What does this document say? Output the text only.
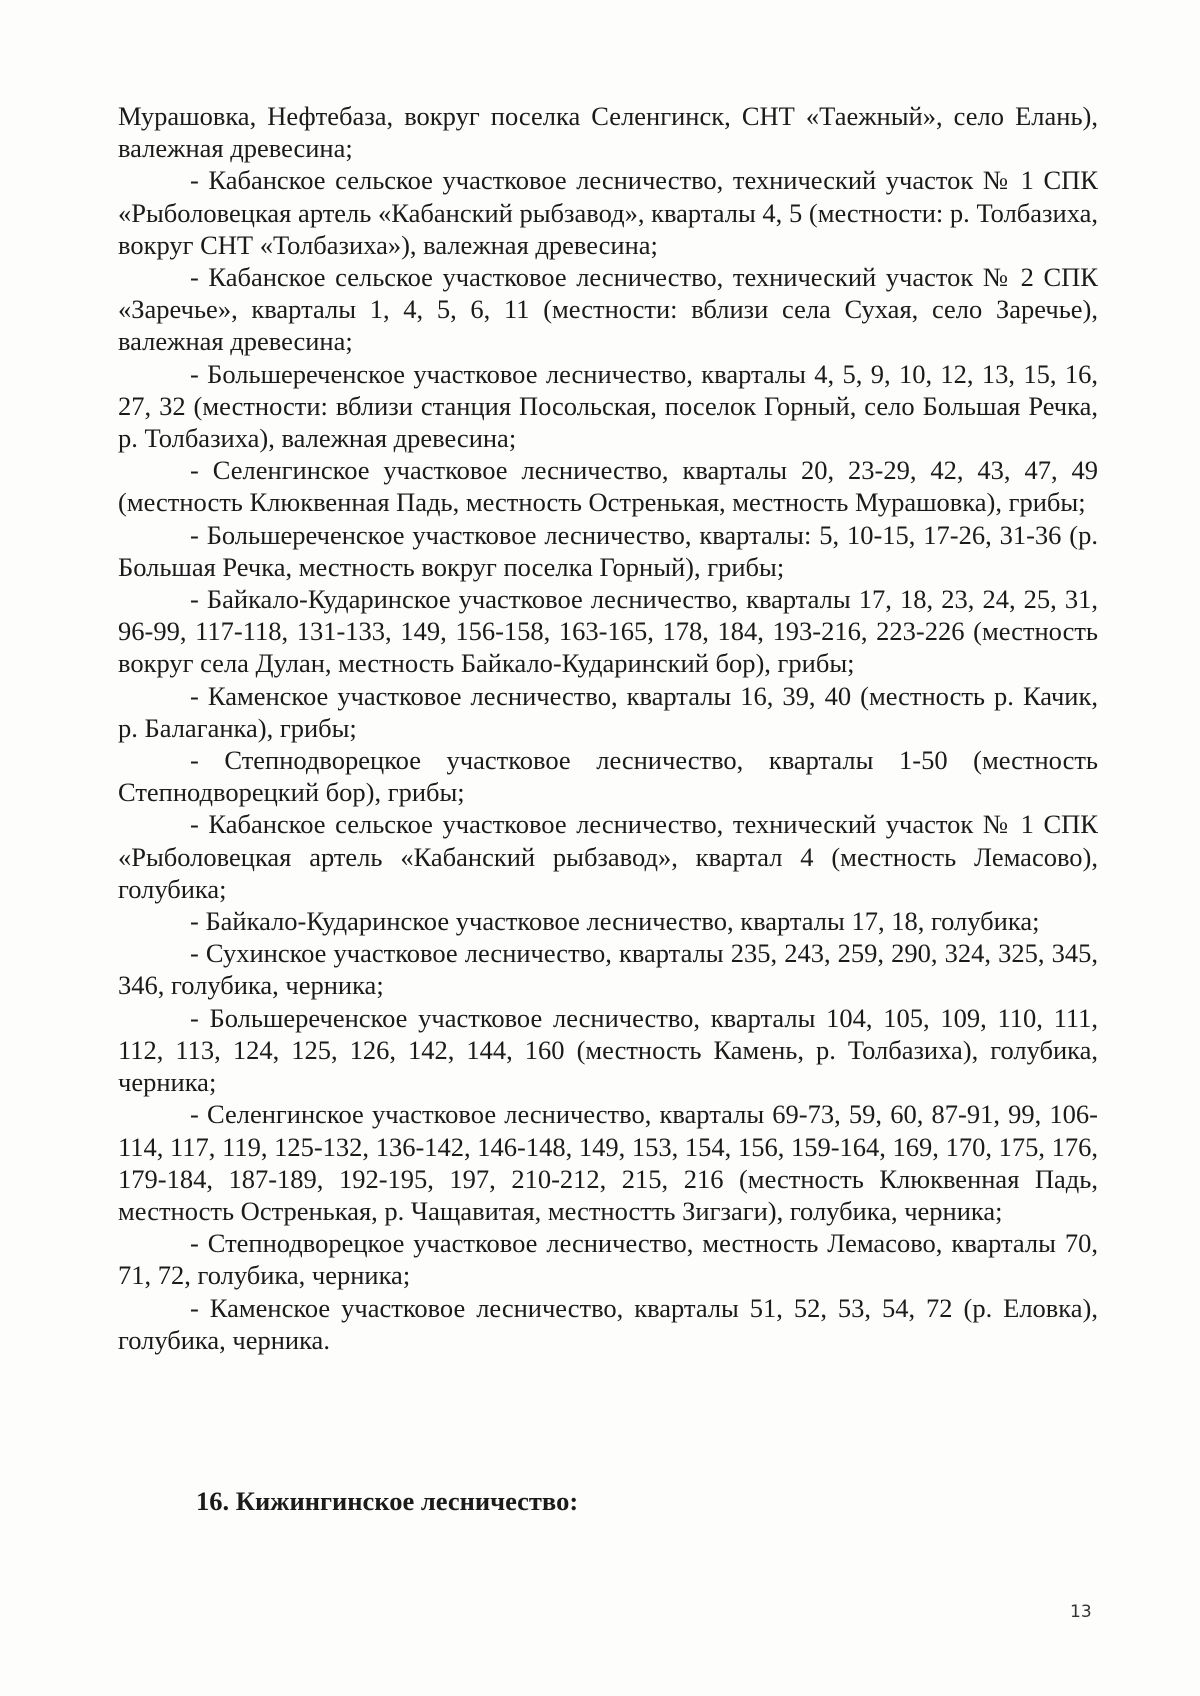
Мурашовка, Нефтебаза, вокруг поселка Селенгинск, СНТ «Таежный», село Елань), валежная древесина;

- Кабанское сельское участковое лесничество, технический участок № 1 СПК «Рыболовецкая артель «Кабанский рыбзавод», кварталы 4, 5 (местности: р. Толбазиха, вокруг СНТ «Толбазиха»), валежная древесина;

- Кабанское сельское участковое лесничество, технический участок № 2 СПК «Заречье», кварталы 1, 4, 5, 6, 11 (местности: вблизи села Сухая, село Заречье), валежная древесина;

- Большереченское участковое лесничество, кварталы 4, 5, 9, 10, 12, 13, 15, 16, 27, 32 (местности: вблизи станция Посольская, поселок Горный, село Большая Речка, р. Толбазиха), валежная древесина;

- Селенгинское участковое лесничество, кварталы 20, 23-29, 42, 43, 47, 49 (местность Клюквенная Падь, местность Остренькая, местность Мурашовка), грибы;

- Большереченское участковое лесничество, кварталы: 5, 10-15, 17-26, 31-36 (р. Большая Речка, местность вокруг поселка Горный), грибы;

- Байкало-Кударинское участковое лесничество, кварталы 17, 18, 23, 24, 25, 31, 96-99, 117-118, 131-133, 149, 156-158, 163-165, 178, 184, 193-216, 223-226 (местность вокруг села Дулан, местность Байкало-Кударинский бор), грибы;

- Каменское участковое лесничество, кварталы 16, 39, 40 (местность р. Качик, р. Балаганка), грибы;

- Степнодворецкое участковое лесничество, кварталы 1-50 (местность Степнодворецкий бор), грибы;

- Кабанское сельское участковое лесничество, технический участок № 1 СПК «Рыболовецкая артель «Кабанский рыбзавод», квартал 4 (местность Лемасово), голубика;

- Байкало-Кударинское участковое лесничество, кварталы 17, 18, голубика;

- Сухинское участковое лесничество, кварталы 235, 243, 259, 290, 324, 325, 345, 346, голубика, черника;

- Большереченское участковое лесничество, кварталы 104, 105, 109, 110, 111, 112, 113, 124, 125, 126, 142, 144, 160 (местность Камень, р. Толбазиха), голубика, черника;

- Селенгинское участковое лесничество, кварталы 69-73, 59, 60, 87-91, 99, 106-114, 117, 119, 125-132, 136-142, 146-148, 149, 153, 154, 156, 159-164, 169, 170, 175, 176, 179-184, 187-189, 192-195, 197, 210-212, 215, 216 (местность Клюквенная Падь, местность Остренькая, р. Чащавитая, местностть Зигзаги), голубика, черника;

- Степнодворецкое участковое лесничество, местность Лемасово, кварталы 70, 71, 72, голубика, черника;

- Каменское участковое лесничество, кварталы 51, 52, 53, 54, 72 (р. Еловка), голубика, черника.

16. Кижингинское лесничество:
13
